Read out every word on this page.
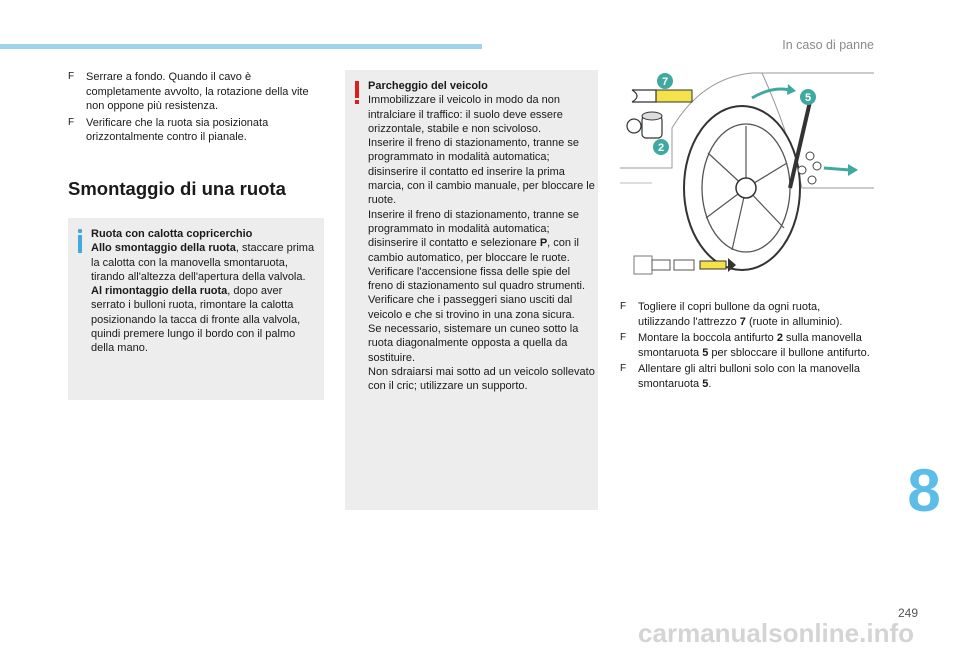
In caso di panne
F Serrare a fondo. Quando il cavo è completamente avvolto, la rotazione della vite non oppone più resistenza.
F Verificare che la ruota sia posizionata orizzontalmente contro il pianale.
Smontaggio di una ruota
Ruota con calotta copricerchio
Allo smontaggio della ruota, staccare prima la calotta con la manovella smontaruota, tirando all'altezza dell'apertura della valvola.
Al rimontaggio della ruota, dopo aver serrato i bulloni ruota, rimontare la calotta posizionando la tacca di fronte alla valvola, quindi premere lungo il bordo con il palmo della mano.
Parcheggio del veicolo
Immobilizzare il veicolo in modo da non intralciare il traffico: il suolo deve essere orizzontale, stabile e non scivoloso.
Inserire il freno di stazionamento, tranne se programmato in modalità automatica; disinserire il contatto ed inserire la prima marcia, con il cambio manuale, per bloccare le ruote.
Inserire il freno di stazionamento, tranne se programmato in modalità automatica; disinserire il contatto e selezionare P, con il cambio automatico, per bloccare le ruote.
Verificare l'accensione fissa delle spie del freno di stazionamento sul quadro strumenti.
Verificare che i passeggeri siano usciti dal veicolo e che si trovino in una zona sicura.
Se necessario, sistemare un cuneo sotto la ruota diagonalmente opposta a quella da sostituire.
Non sdraiarsi mai sotto ad un veicolo sollevato con il cric; utilizzare un supporto.
7
5
2
F Togliere il copri bullone da ogni ruota, utilizzando l'attrezzo 7 (ruote in alluminio).
F Montare la boccola antifurto 2 sulla manovella smontaruota 5 per sbloccare il bullone antifurto.
F Allentare gli altri bulloni solo con la manovella smontaruota 5.
8
249
carmanualsonline.info
